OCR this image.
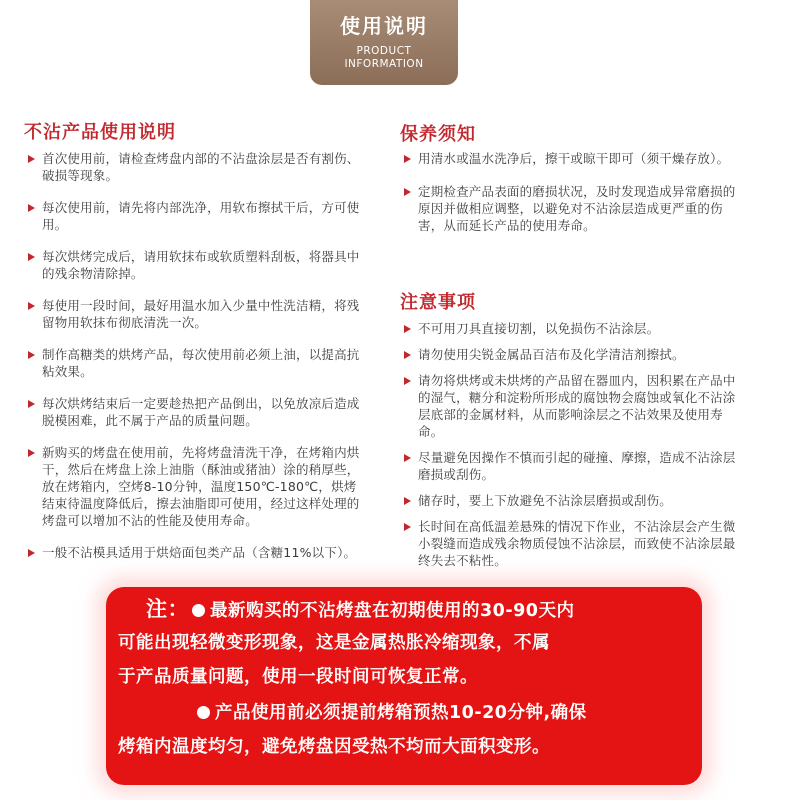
使用说明
PRODUCT
INFORMATION
不沾产品使用说明
首次使用前，请检查烤盘内部的不沾盘涂层是否有割伤、破损等现象。
每次使用前，请先将内部洗净，用软布擦拭干后，方可使用。
每次烘烤完成后，请用软抹布或软质塑料刮板，将器具中的残余物清除掉。
每使用一段时间，最好用温水加入少量中性洗洁精，将残留物用软抹布彻底清洗一次。
制作高糖类的烘烤产品，每次使用前必须上油，以提高抗粘效果。
每次烘烤结束后一定要趁热把产品倒出，以免放凉后造成脱模困难，此不属于产品的质量问题。
新购买的烤盘在使用前，先将烤盘清洗干净，在烤箱内烘干，然后在烤盘上涂上油脂（酥油或猪油）涂的稍厚些，放在烤箱内，空烤8-10分钟，温度150℃-180℃，烘烤结束待温度降低后，擦去油脂即可使用，经过这样处理的烤盘可以增加不沾的性能及使用寿命。
一般不沾模具适用于烘焙面包类产品（含糖11%以下）。
保养须知
用清水或温水洗净后，擦干或晾干即可（须干燥存放）。
定期检查产品表面的磨损状况，及时发现造成异常磨损的原因并做相应调整，以避免对不沾涂层造成更严重的伤害，从而延长产品的使用寿命。
注意事项
不可用刀具直接切割，以免损伤不沾涂层。
请勿使用尖锐金属品百洁布及化学清洁剂擦拭。
请勿将烘烤或未烘烤的产品留在器皿内，因积累在产品中的湿气，糖分和淀粉所形成的腐蚀物会腐蚀或氧化不沾涂层底部的金属材料，从而影响涂层之不沾效果及使用寿命。
尽量避免因操作不慎而引起的碰撞、摩擦，造成不沾涂层磨损或刮伤。
储存时，要上下放避免不沾涂层磨损或刮伤。
长时间在高低温差悬殊的情况下作业，不沾涂层会产生微小裂缝而造成残余物质侵蚀不沾涂层，而致使不沾涂层最终失去不粘性。
注： 最新购买的不沾烤盘在初期使用的30-90天内
可能出现轻微变形现象，这是金属热胀冷缩现象，不属
于产品质量问题，使用一段时间可恢复正常。
产品使用前必须提前烤箱预热10-20分钟,确保
烤箱内温度均匀，避免烤盘因受热不均而大面积变形。
